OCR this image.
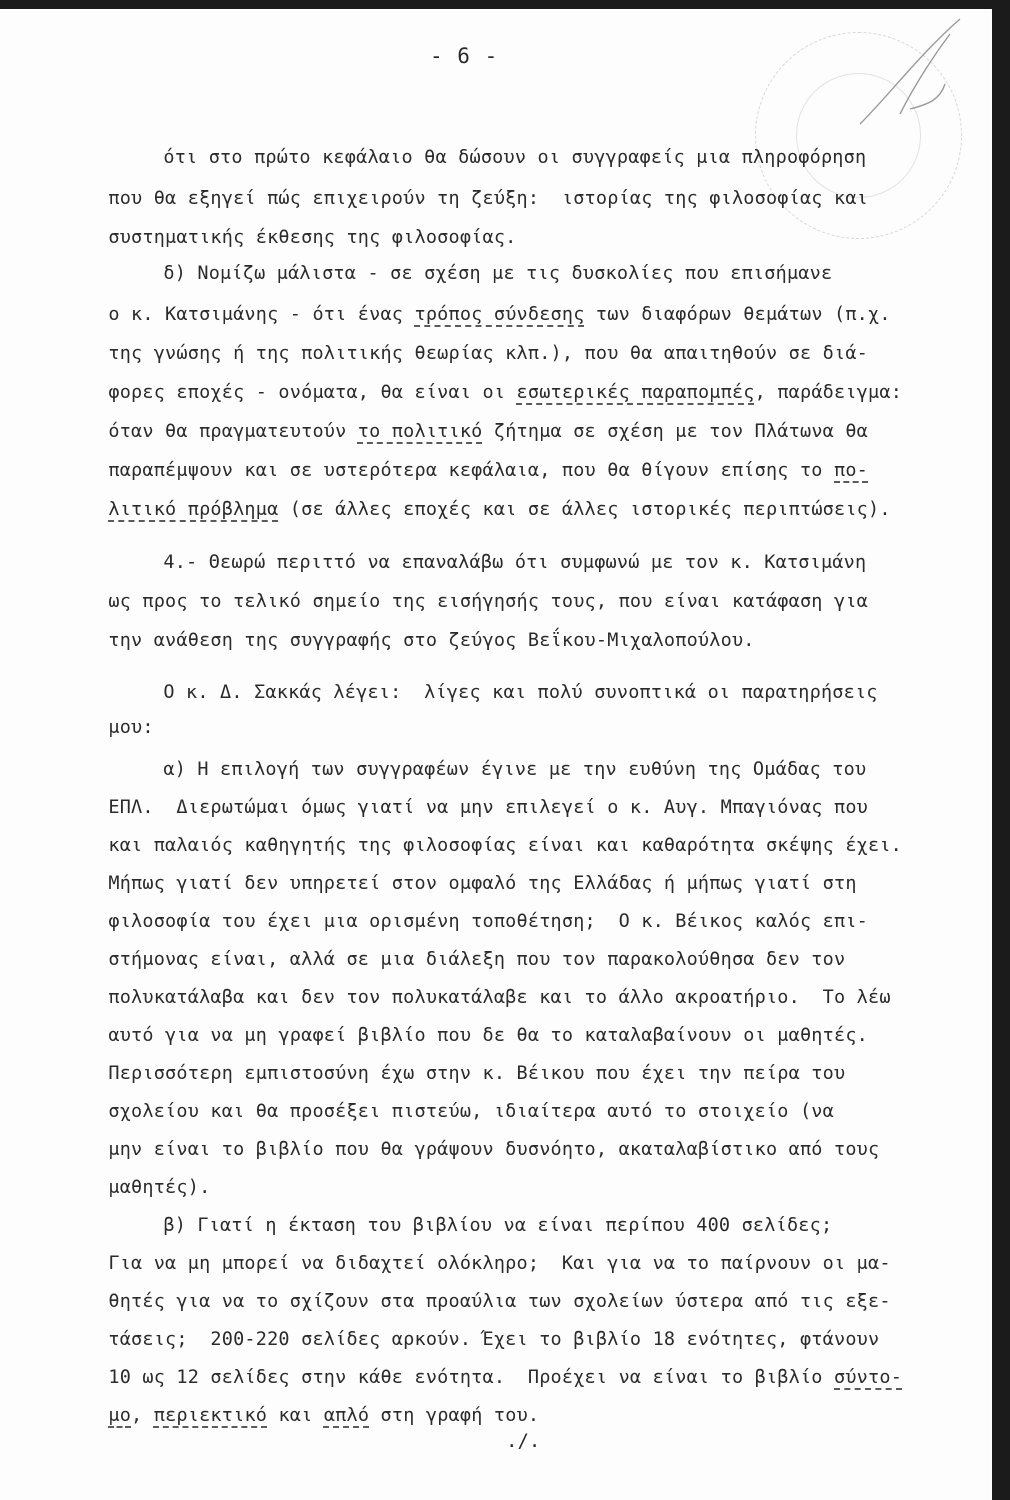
- 6 -

ότι στο πρώτο κεφάλαιο θα δώσουν οι συγγραφείς μια πληροφόρηση

που θα εξηγεί πώς επιχειρούν τη ζεύξη:  ιστορίας της φιλοσοφίας και

συστηματικής έκθεσης της φιλοσοφίας.

δ) Νομίζω μάλιστα - σε σχέση με τις δυσκολίες που επισήμανε

ο κ. Κατσιμάνης - ότι ένας τρόπος σύνδεσης των διαφόρων θεμάτων (π.χ.

της γνώσης ή της πολιτικής θεωρίας κλπ.), που θα απαιτηθούν σε διά-

φορες εποχές - ονόματα, θα είναι οι εσωτερικές παραπομπές, παράδειγμα:

όταν θα πραγματευτούν το πολιτικό ζήτημα σε σχέση με τον Πλάτωνα θα

παραπέμψουν και σε υστερότερα κεφάλαια, που θα θίγουν επίσης το πο-

λιτικό πρόβλημα (σε άλλες εποχές και σε άλλες ιστορικές περιπτώσεις).

4.- Θεωρώ περιττό να επαναλάβω ότι συμφωνώ με τον κ. Κατσιμάνη

ως προς το τελικό σημείο της εισήγησής τους, που είναι κατάφαση για

την ανάθεση της συγγραφής στο ζεύγος Βεΐκου-Μιχαλοπούλου.

Ο κ. Δ. Σακκάς λέγει:  λίγες και πολύ συνοπτικά οι παρατηρήσεις

μου:

α) Η επιλογή των συγγραφέων έγινε με την ευθύνη της Ομάδας του

ΕΠΛ.  Διερωτώμαι όμως γιατί να μην επιλεγεί ο κ. Αυγ. Μπαγιόνας που

και παλαιός καθηγητής της φιλοσοφίας είναι και καθαρότητα σκέψης έχει.

Μήπως γιατί δεν υπηρετεί στον ομφαλό της Ελλάδας ή μήπως γιατί στη

φιλοσοφία του έχει μια ορισμένη τοποθέτηση;  Ο κ. Βέικος καλός επι-

στήμονας είναι, αλλά σε μια διάλεξη που τον παρακολούθησα δεν τον

πολυκατάλαβα και δεν τον πολυκατάλαβε και το άλλο ακροατήριο.  Το λέω

αυτό για να μη γραφεί βιβλίο που δε θα το καταλαβαίνουν οι μαθητές.

Περισσότερη εμπιστοσύνη έχω στην κ. Βέικου που έχει την πείρα του

σχολείου και θα προσέξει πιστεύω, ιδιαίτερα αυτό το στοιχείο (να

μην είναι το βιβλίο που θα γράψουν δυσνόητο, ακαταλαβίστικο από τους

μαθητές).

β) Γιατί η έκταση του βιβλίου να είναι περίπου 400 σελίδες;

Για να μη μπορεί να διδαχτεί ολόκληρο;  Και για να το παίρνουν οι μα-

θητές για να το σχίζουν στα προαύλια των σχολείων ύστερα από τις εξε-

τάσεις;  200-220 σελίδες αρκούν. Έχει το βιβλίο 18 ενότητες, φτάνουν

10 ως 12 σελίδες στην κάθε ενότητα.  Προέχει να είναι το βιβλίο σύντο-

μο, περιεκτικό και απλό στη γραφή του.

./.
